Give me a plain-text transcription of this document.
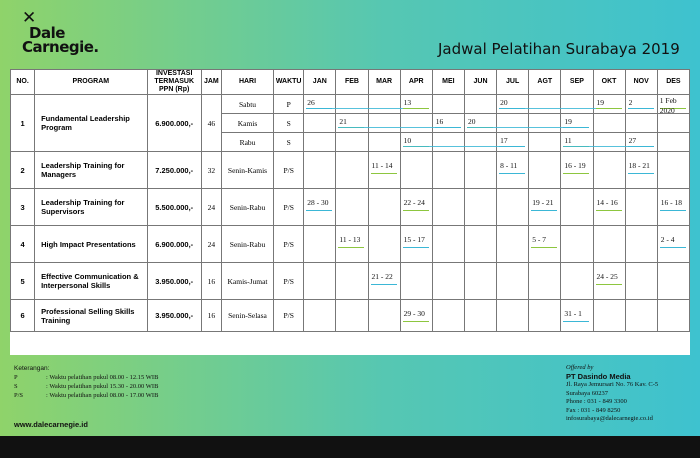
✕
Dale
Carnegie.	Jadwal Pelatihan Surabaya 2019
NO.	PROGRAM	INVESTASI TERMASUK PPN (Rp)	JAM	HARI	WAKTU	JAN	FEB	MAR	APR	MEI	JUN	JUL	AGT	SEP	OKT	NOV	DES
1	Fundamental Leadership Program	6.900.000,-	46	Sabtu	P	26			13			20			19	2	1 Feb
2020

				Kamis	S		21			16	20			19			

				Rabu	S				10			17		11		27	

2	Leadership Training for Managers	7.250.000,-	32	Senin-Kamis	P/S			11 - 14				8 - 11		16 - 19		18 - 21	

3	Leadership Training for Supervisors	5.500.000,-	24	Senin-Rabu	P/S	28 - 30			22 - 24				19 - 21		14 - 16		16 - 18

4	High Impact Presentations	6.900.000,-	24	Senin-Rabu	P/S		11 - 13		15 - 17				5 - 7				2 - 4

5	Effective Communication & Interpersonal Skills	3.950.000,-	16	Kamis-Jumat	P/S			21 - 22							24 - 25		

6	Professional Selling Skills Training	3.950.000,-	16	Senin-Selasa	P/S				29 - 30					31 - 1			

Keterangan:
P	: Waktu pelatihan pukul 08.00 - 12.15 WIB
S	: Waktu pelatihan pukul 15.30 - 20.00 WIB
P/S	: Waktu pelatihan pukul 08.00 - 17.00 WIB
www.dalecarnegie.id
Offered by
PT Dasindo Media
Jl. Raya Jemursari No. 76 Kav. C-5
Surabaya 60237
Phone : 031 - 849 3300
Fax : 031 - 849 8250
infosurabaya@dalecarnegie.co.id
